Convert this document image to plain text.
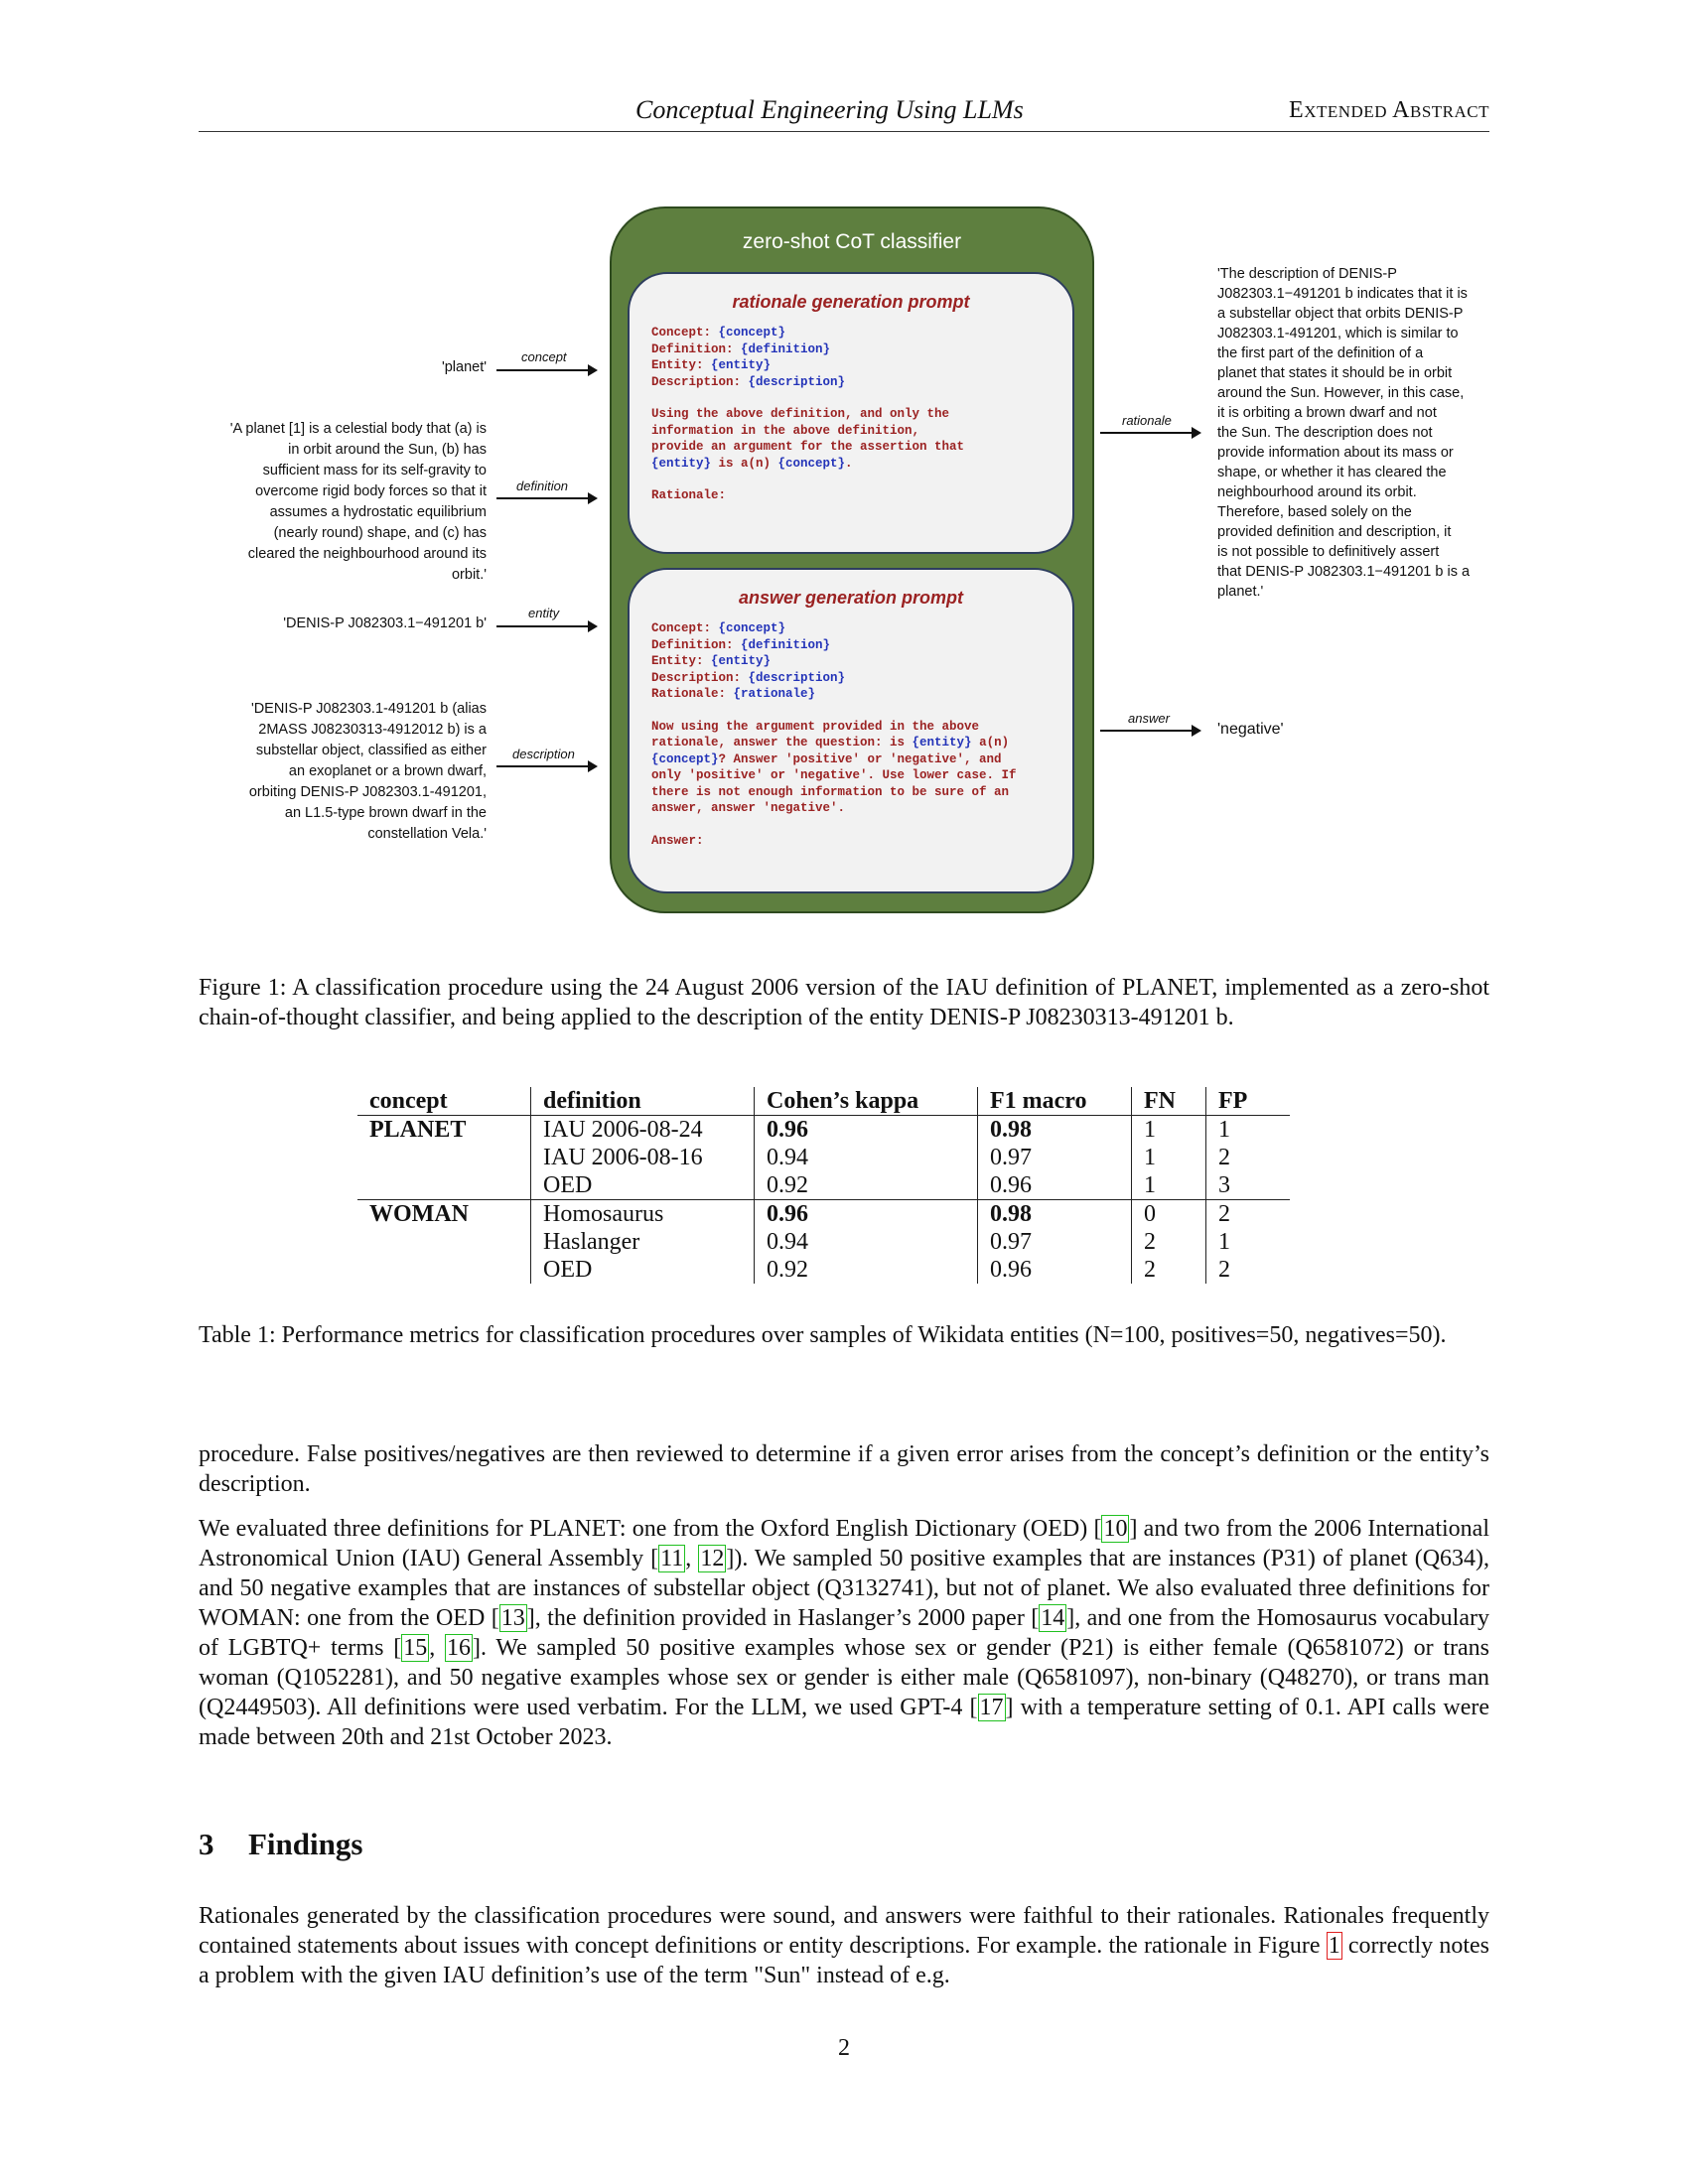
Conceptual Engineering Using LLMs	Extended Abstract
'planet'
concept
'A planet [1] is a celestial body that (a) is
in orbit around the Sun, (b) has
sufficient mass for its self-gravity to
overcome rigid body forces so that it
assumes a hydrostatic equilibrium
(nearly round) shape, and (c) has
cleared the neighbourhood around its
orbit.'
definition
'DENIS-P J082303.1−491201 b'
entity
'DENIS-P J082303.1-491201 b (alias
2MASS J08230313-4912012 b) is a
substellar object, classified as either
an exoplanet or a brown dwarf,
orbiting DENIS-P J082303.1-491201,
an L1.5-type brown dwarf in the
constellation Vela.'
description
zero-shot CoT classifier
rationale generation prompt
Concept: {concept}
Definition: {definition}
Entity: {entity}
Description: {description}
Using the above definition, and only the
information in the above definition,
provide an argument for the assertion that
{entity} is a(n) {concept}.
Rationale:
answer generation prompt
Concept: {concept}
Definition: {definition}
Entity: {entity}
Description: {description}
Rationale: {rationale}
Now using the argument provided in the above
rationale, answer the question: is {entity} a(n)
{concept}? Answer 'positive' or 'negative', and
only 'positive' or 'negative'. Use lower case. If
there is not enough information to be sure of an
answer, answer 'negative'.
Answer:
rationale
'The description of DENIS-P
J082303.1−491201 b indicates that it is
a substellar object that orbits DENIS-P
J082303.1-491201, which is similar to
the first part of the definition of a
planet that states it should be in orbit
around the Sun. However, in this case,
it is orbiting a brown dwarf and not
the Sun. The description does not
provide information about its mass or
shape, or whether it has cleared the
neighbourhood around its orbit.
Therefore, based solely on the
provided definition and description, it
is not possible to definitively assert
that DENIS-P J082303.1−491201 b is a
planet.'
answer
'negative'
Figure 1: A classification procedure using the 24 August 2006 version of the IAU definition of PLANET, implemented as a zero-shot chain-of-thought classifier, and being applied to the description of the entity DENIS-P J08230313-491201 b.
concept	definition	Cohen’s kappa	F1 macro	FN	FP
PLANET	IAU 2006-08-24	0.96	0.98	1	1
	IAU 2006-08-16	0.94	0.97	1	2
	OED	0.92	0.96	1	3
WOMAN	Homosaurus	0.96	0.98	0	2
	Haslanger	0.94	0.97	2	1
	OED	0.92	0.96	2	2
Table 1: Performance metrics for classification procedures over samples of Wikidata entities (N=100, positives=50, negatives=50).
procedure. False positives/negatives are then reviewed to determine if a given error arises from the concept’s definition or the entity’s description.
We evaluated three definitions for PLANET: one from the Oxford English Dictionary (OED) [10] and two from the 2006 International Astronomical Union (IAU) General Assembly [11, 12]). We sampled 50 positive examples that are instances (P31) of planet (Q634), and 50 negative examples that are instances of substellar object (Q3132741), but not of planet. We also evaluated three definitions for WOMAN: one from the OED [13], the definition provided in Haslanger’s 2000 paper [14], and one from the Homosaurus vocabulary of LGBTQ+ terms [15, 16]. We sampled 50 positive examples whose sex or gender (P21) is either female (Q6581072) or trans woman (Q1052281), and 50 negative examples whose sex or gender is either male (Q6581097), non-binary (Q48270), or trans man (Q2449503). All definitions were used verbatim. For the LLM, we used GPT-4 [17] with a temperature setting of 0.1. API calls were made between 20th and 21st October 2023.
3 Findings
Rationales generated by the classification procedures were sound, and answers were faithful to their rationales. Rationales frequently contained statements about issues with concept definitions or entity descriptions. For example. the rationale in Figure 1 correctly notes a problem with the given IAU definition’s use of the term "Sun" instead of e.g.
2
